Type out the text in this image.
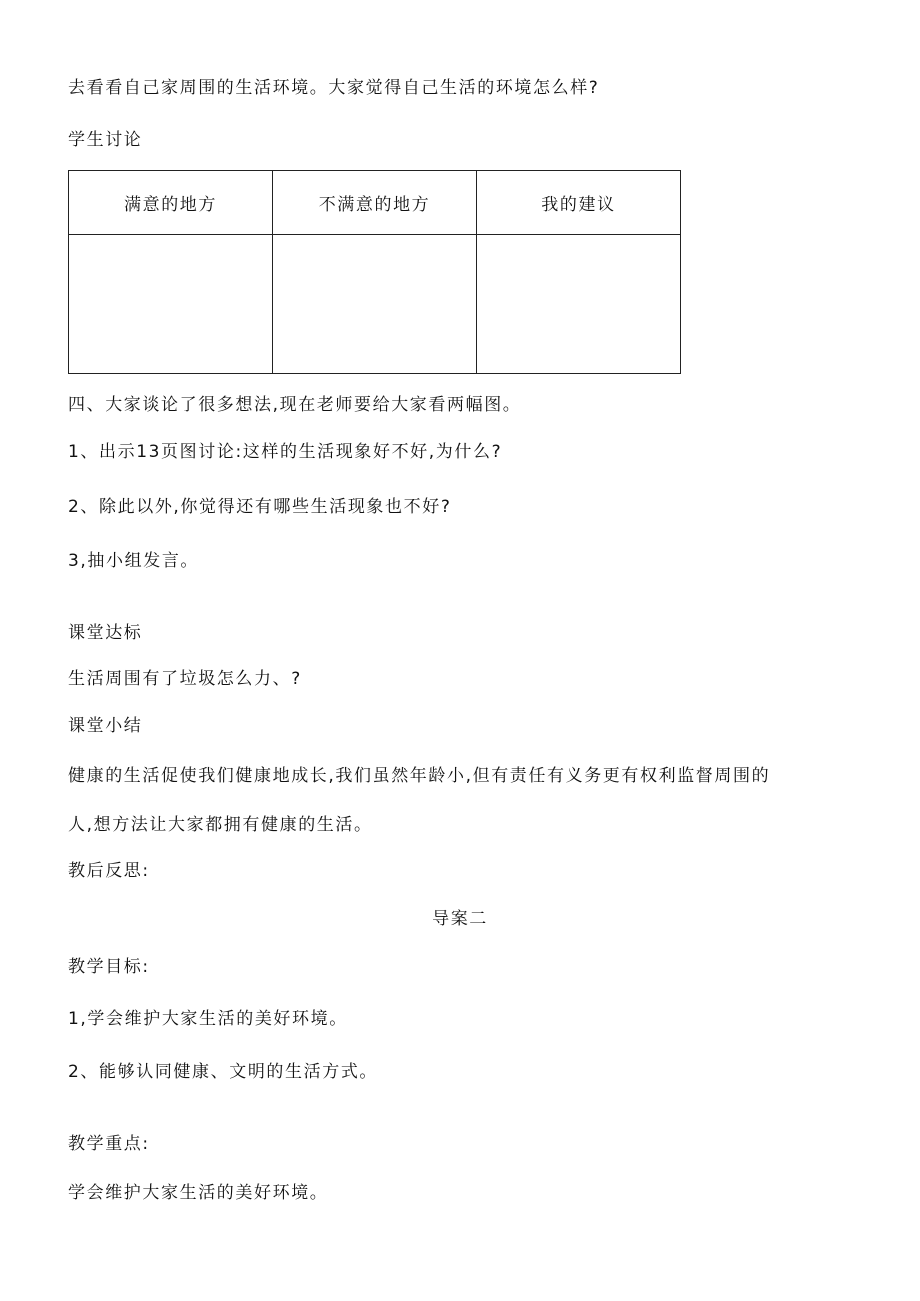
去看看自己家周围的生活环境。大家觉得自己生活的环境怎么样?

学生讨论

满意的地方	不满意的地方	我的建议

四、大家谈论了很多想法,现在老师要给大家看两幅图。

1、出示13页图讨论:这样的生活现象好不好,为什么?

2、除此以外,你觉得还有哪些生活现象也不好?

3,抽小组发言。

课堂达标

生活周围有了垃圾怎么力、?

课堂小结

健康的生活促使我们健康地成长,我们虽然年龄小,但有责任有义务更有权利监督周围的

人,想方法让大家都拥有健康的生活。

教后反思:

导案二

教学目标:

1,学会维护大家生活的美好环境。

2、能够认同健康、文明的生活方式。

教学重点:

学会维护大家生活的美好环境。
